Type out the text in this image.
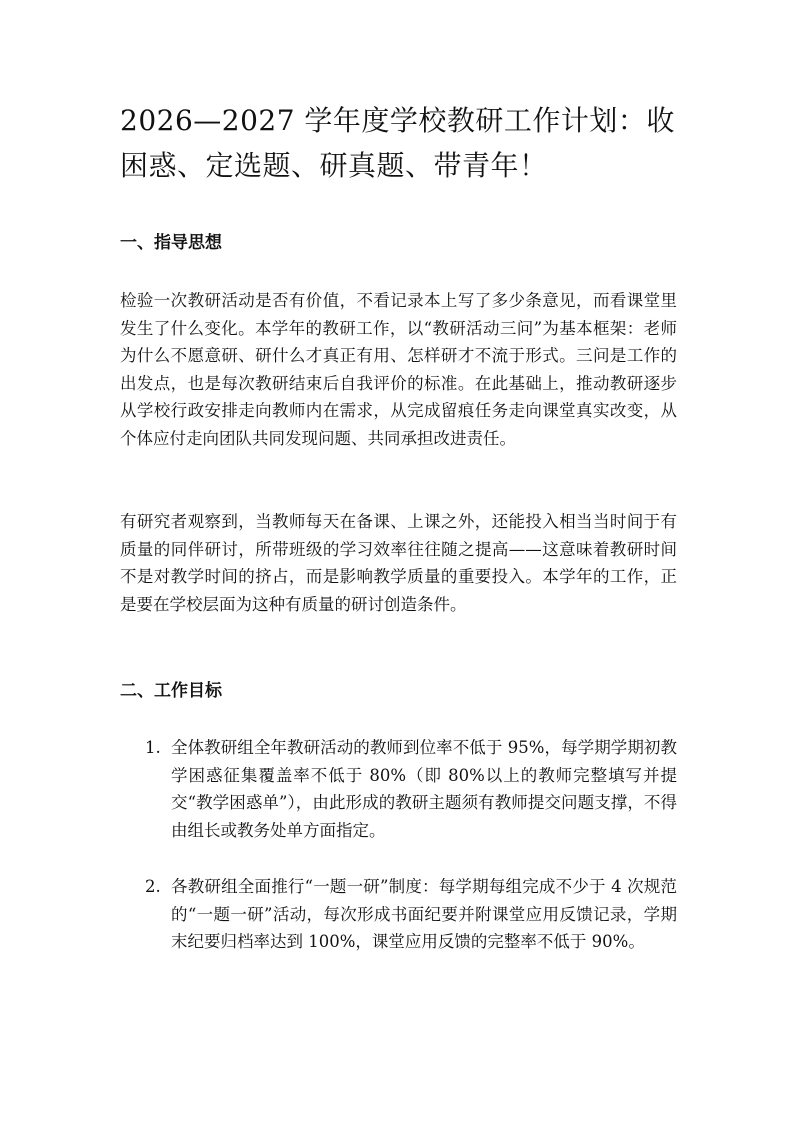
2026—2027 学年度学校教研工作计划：收困惑、定选题、研真题、带青年！
一、指导思想

检验一次教研活动是否有价值，不看记录本上写了多少条意见，而看课堂里发生了什么变化。本学年的教研工作，以“教研活动三问”为基本框架：老师为什么不愿意研、研什么才真正有用、怎样研才不流于形式。三问是工作的出发点，也是每次教研结束后自我评价的标准。在此基础上，推动教研逐步从学校行政安排走向教师内在需求，从完成留痕任务走向课堂真实改变，从个体应付走向团队共同发现问题、共同承担改进责任。

有研究者观察到，当教师每天在备课、上课之外，还能投入相当当时间于有质量的同伴研讨，所带班级的学习效率往往随之提高——这意味着教研时间不是对教学时间的挤占，而是影响教学质量的重要投入。本学年的工作，正是要在学校层面为这种有质量的研讨创造条件。

二、工作目标
1. 全体教研组全年教研活动的教师到位率不低于 95%，每学期学期初教学困惑征集覆盖率不低于 80%（即 80%以上的教师完整填写并提交“教学困惑单”），由此形成的教研主题须有教师提交问题支撑，不得由组长或教务处单方面指定。

2. 各教研组全面推行“一题一研”制度：每学期每组完成不少于 4 次规范的“一题一研”活动，每次形成书面纪要并附课堂应用反馈记录，学期末纪要归档率达到 100%，课堂应用反馈的完整率不低于 90%。
